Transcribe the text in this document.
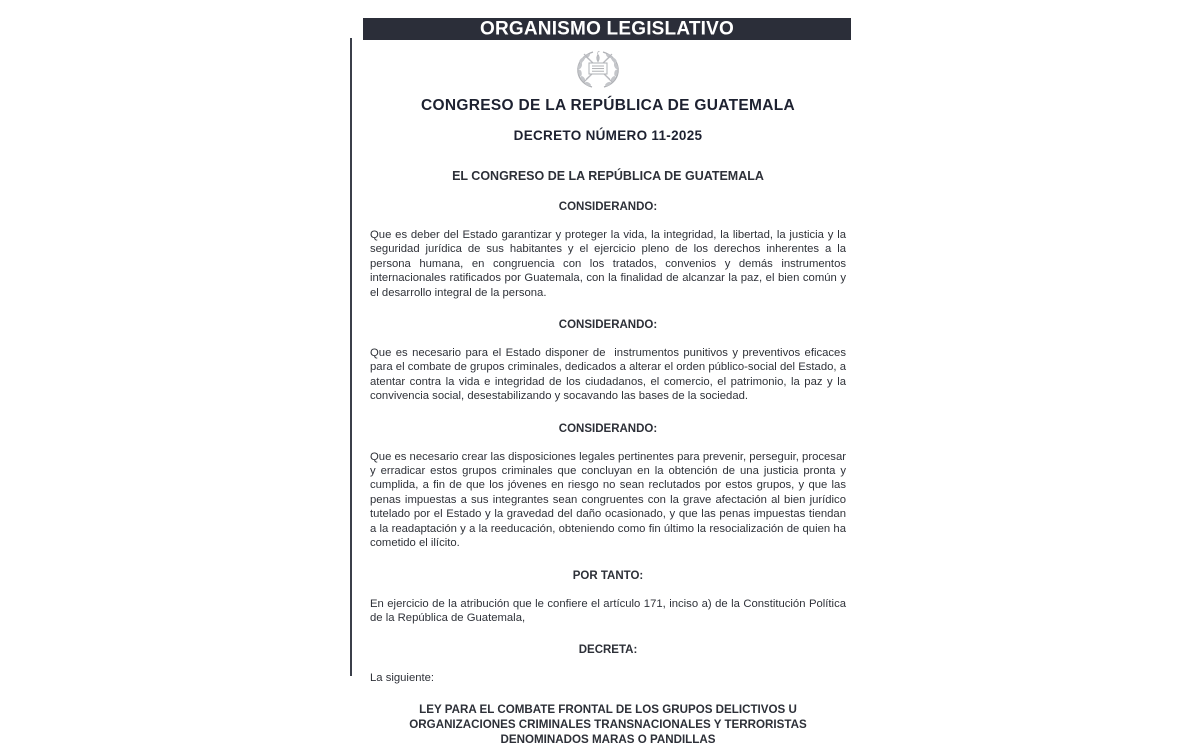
ORGANISMO LEGISLATIVO
CONGRESO DE LA REPÚBLICA DE GUATEMALA
DECRETO NÚMERO 11-2025
EL CONGRESO DE LA REPÚBLICA DE GUATEMALA
CONSIDERANDO:
Que es deber del Estado garantizar y proteger la vida, la integridad, la libertad, la justicia y la seguridad jurídica de sus habitantes y el ejercicio pleno de los derechos inherentes a la persona humana, en congruencia con los tratados, convenios y demás instrumentos internacionales ratificados por Guatemala, con la finalidad de alcanzar la paz, el bien común y el desarrollo integral de la persona.
CONSIDERANDO:
Que es necesario para el Estado disponer de  instrumentos punitivos y preventivos eficaces para el combate de grupos criminales, dedicados a alterar el orden público-social del Estado, a atentar contra la vida e integridad de los ciudadanos, el comercio, el patrimonio, la paz y la convivencia social, desestabilizando y socavando las bases de la sociedad.
CONSIDERANDO:
Que es necesario crear las disposiciones legales pertinentes para prevenir, perseguir, procesar y erradicar estos grupos criminales que concluyan en la obtención de una justicia pronta y cumplida, a fin de que los jóvenes en riesgo no sean reclutados por estos grupos, y que las penas impuestas a sus integrantes sean congruentes con la grave afectación al bien jurídico tutelado por el Estado y la gravedad del daño ocasionado, y que las penas impuestas tiendan a la readaptación y a la reeducación, obteniendo como fin último la resocialización de quien ha cometido el ilícito.
POR TANTO:
En ejercicio de la atribución que le confiere el artículo 171, inciso a) de la Constitución Política de la República de Guatemala,
DECRETA:
La siguiente:
LEY PARA EL COMBATE FRONTAL DE LOS GRUPOS DELICTIVOS U ORGANIZACIONES CRIMINALES TRANSNACIONALES Y TERRORISTAS DENOMINADOS MARAS O PANDILLAS
